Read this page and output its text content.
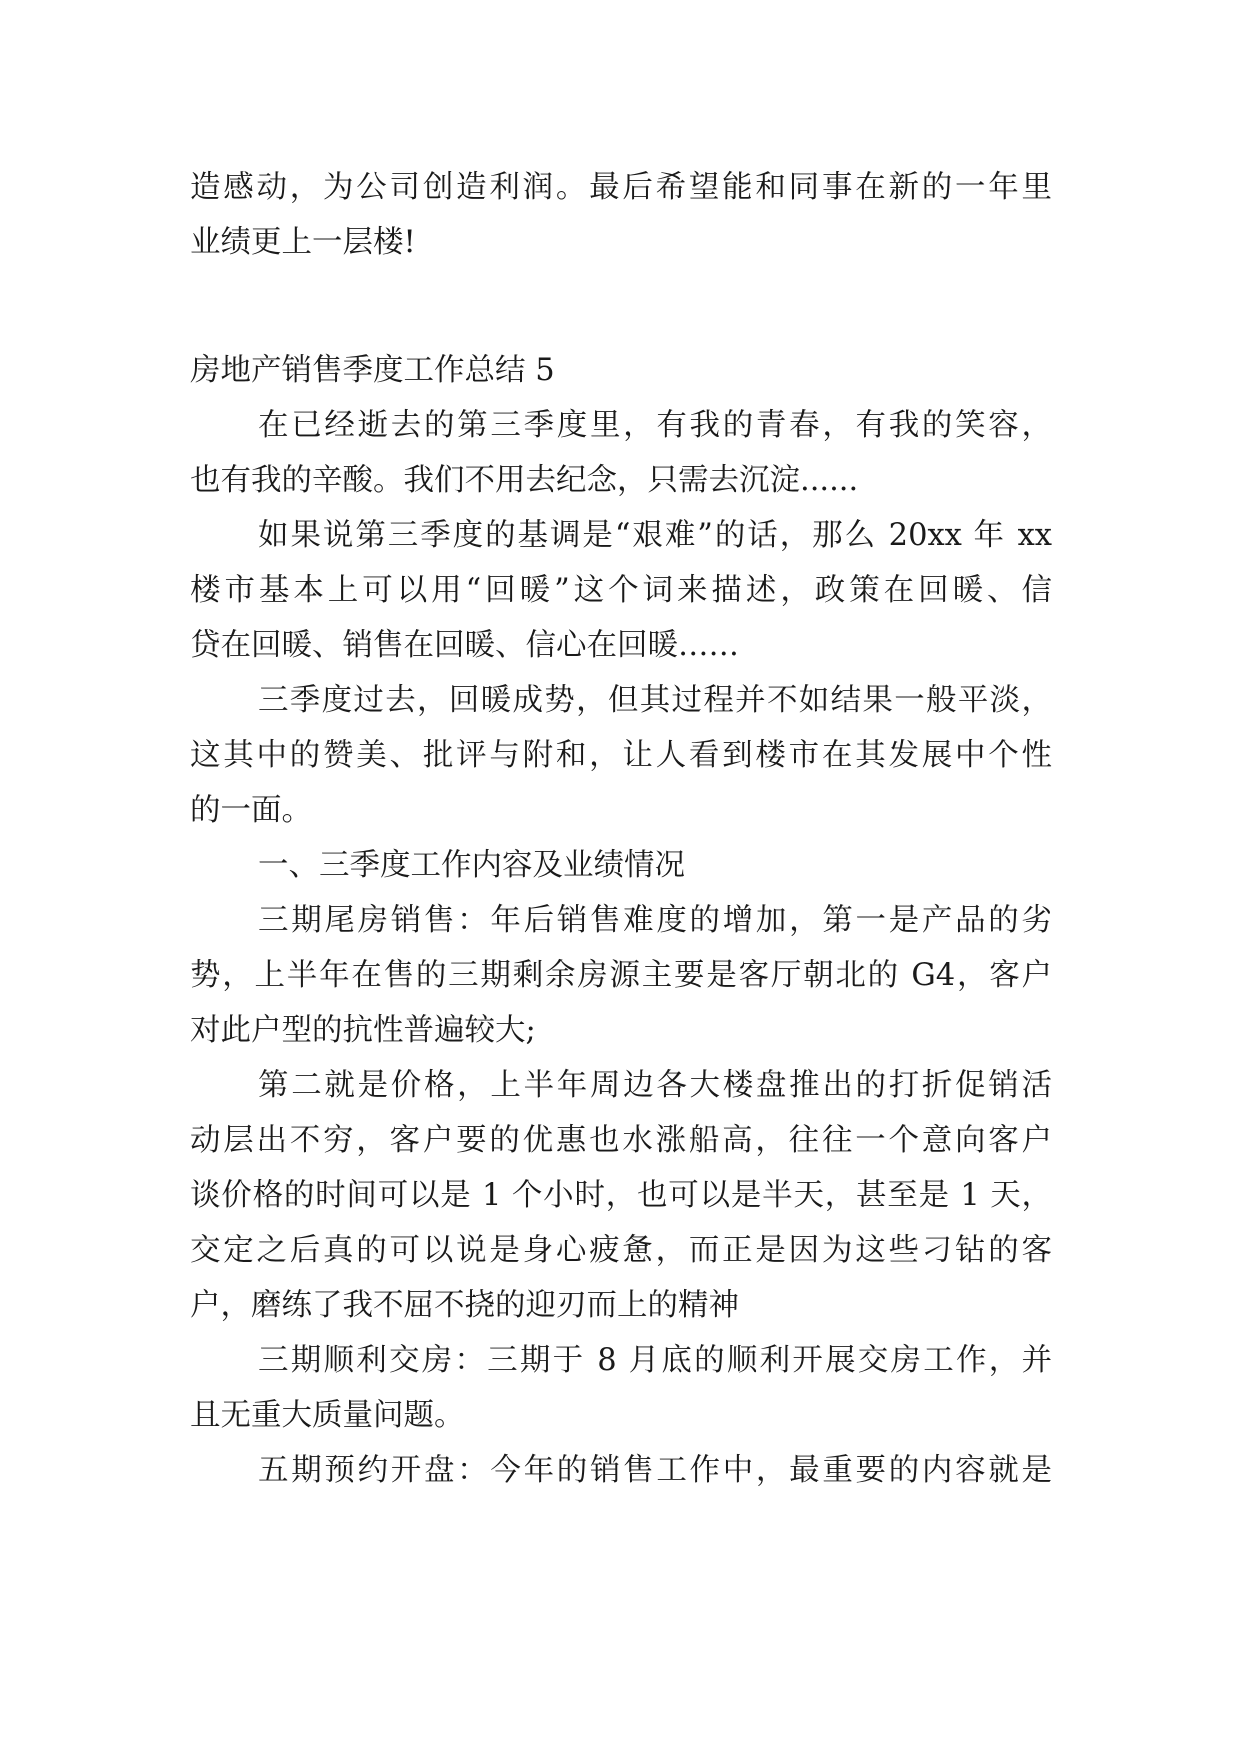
造感动，为公司创造利润。最后希望能和同事在新的一年里
业绩更上一层楼!
房地产销售季度工作总结 5
在已经逝去的第三季度里，有我的青春，有我的笑容，
也有我的辛酸。我们不用去纪念，只需去沉淀......
如果说第三季度的基调是“艰难”的话，那么 20xx 年 xx
楼市基本上可以用“回暖”这个词来描述，政策在回暖、信
贷在回暖、销售在回暖、信心在回暖……
三季度过去，回暖成势，但其过程并不如结果一般平淡，
这其中的赞美、批评与附和，让人看到楼市在其发展中个性
的一面。
一、三季度工作内容及业绩情况
三期尾房销售：年后销售难度的增加，第一是产品的劣
势，上半年在售的三期剩余房源主要是客厅朝北的 G4，客户
对此户型的抗性普遍较大;
第二就是价格，上半年周边各大楼盘推出的打折促销活
动层出不穷，客户要的优惠也水涨船高，往往一个意向客户
谈价格的时间可以是 1 个小时，也可以是半天，甚至是 1 天，
交定之后真的可以说是身心疲惫，而正是因为这些刁钻的客
户，磨练了我不屈不挠的迎刃而上的精神
三期顺利交房：三期于 8 月底的顺利开展交房工作，并
且无重大质量问题。
五期预约开盘：今年的销售工作中，最重要的内容就是
